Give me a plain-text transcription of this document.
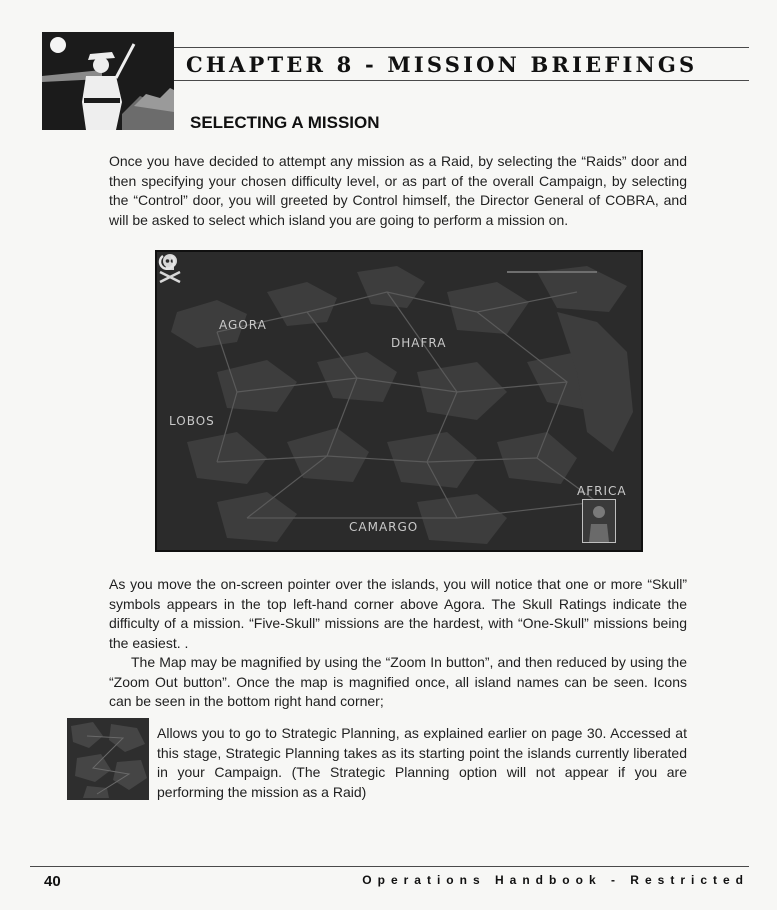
CHAPTER 8 - MISSION BRIEFINGS
SELECTING A MISSION

Once you have decided to attempt any mission as a Raid, by selecting the “Raids” door and then specifying your chosen difficulty level, or as part of the overall Campaign, by selecting the “Control” door, you will greeted by Control himself, the Director General of COBRA, and will be asked to select which island you are going to perform a mission on.

AGORA
DHAFRA
LOBOS
CAMARGO
AFRICA

As you move the on-screen pointer over the islands, you will notice that one or more “Skull” symbols appears in the top left-hand corner above Agora. The Skull Ratings indicate the difficulty of a mission. “Five-Skull” missions are the hardest, with “One-Skull” missions being the easiest. .

The Map may be magnified by using the “Zoom In button”, and then reduced by using the “Zoom Out button”. Once the map is magnified once, all island names can be seen. Icons can be seen in the bottom right hand corner;

Allows you to go to Strategic Planning, as explained earlier on page 30. Accessed at this stage, Strategic Planning takes as its starting point the islands currently liberated in your Campaign. (The Strategic Planning option will not appear if you are performing the mission as a Raid)

40	Operations Handbook - Restricted
